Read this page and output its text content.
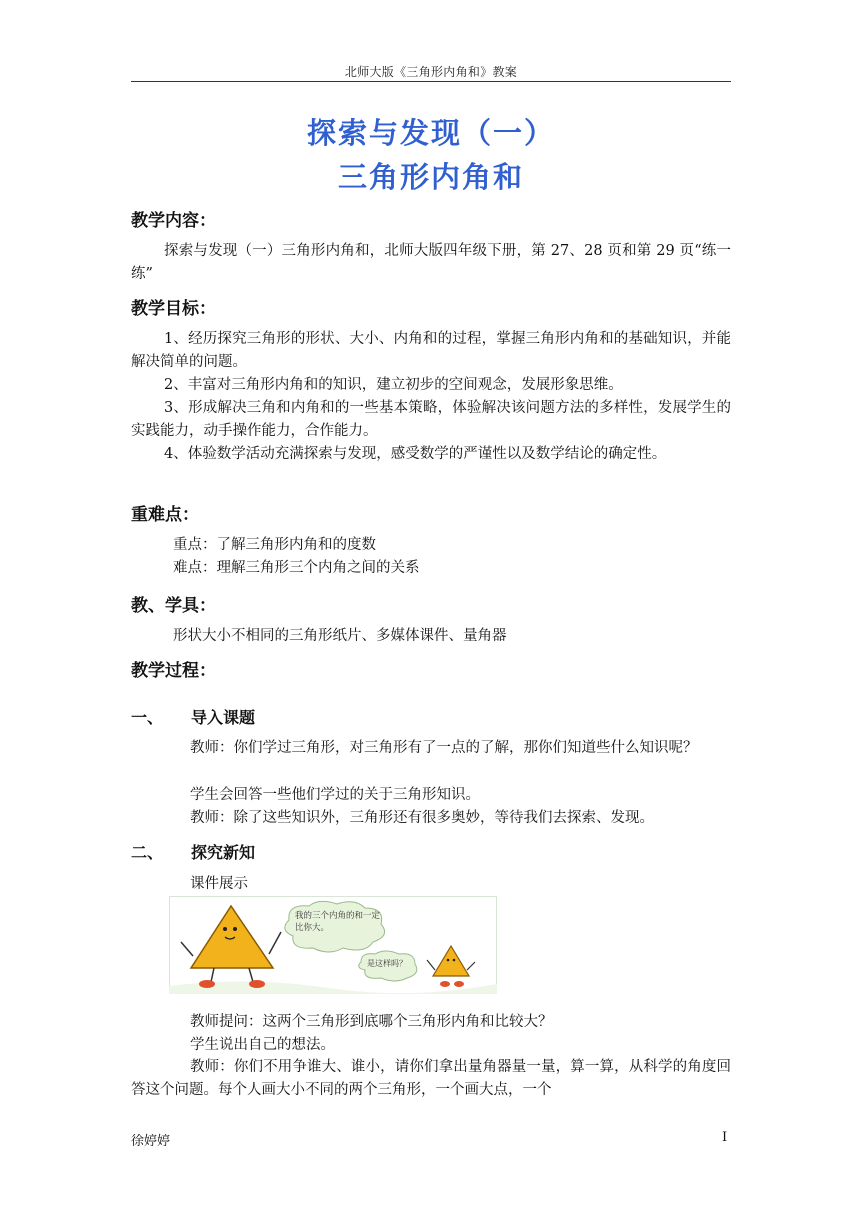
北师大版《三角形内角和》教案
探索与发现（一）
三角形内角和
教学内容：
探索与发现（一）三角形内角和，北师大版四年级下册，第 27、28 页和第 29 页“练一练”
教学目标：
1、经历探究三角形的形状、大小、内角和的过程，掌握三角形内角和的基础知识，并能解决简单的问题。
2、丰富对三角形内角和的知识，建立初步的空间观念，发展形象思维。
3、形成解决三角和内角和的一些基本策略，体验解决该问题方法的多样性，发展学生的实践能力，动手操作能力，合作能力。
4、体验数学活动充满探索与发现，感受数学的严谨性以及数学结论的确定性。
重难点：
重点：了解三角形内角和的度数
难点：理解三角形三个内角之间的关系
教、学具：
形状大小不相同的三角形纸片、多媒体课件、量角器
教学过程：
一、 导入课题
教师：你们学过三角形，对三角形有了一点的了解，那你们知道些什么知识呢？
学生会回答一些他们学过的关于三角形知识。
教师：除了这些知识外，三角形还有很多奥妙，等待我们去探索、发现。
二、 探究新知
课件展示
我的三个内角的和一定比你大。
是这样吗？
教师提问：这两个三角形到底哪个三角形内角和比较大？
学生说出自己的想法。
教师：你们不用争谁大、谁小，请你们拿出量角器量一量，算一算，从科学的角度回答这个问题。每个人画大小不同的两个三角形，一个画大点，一个
徐婷婷	I
